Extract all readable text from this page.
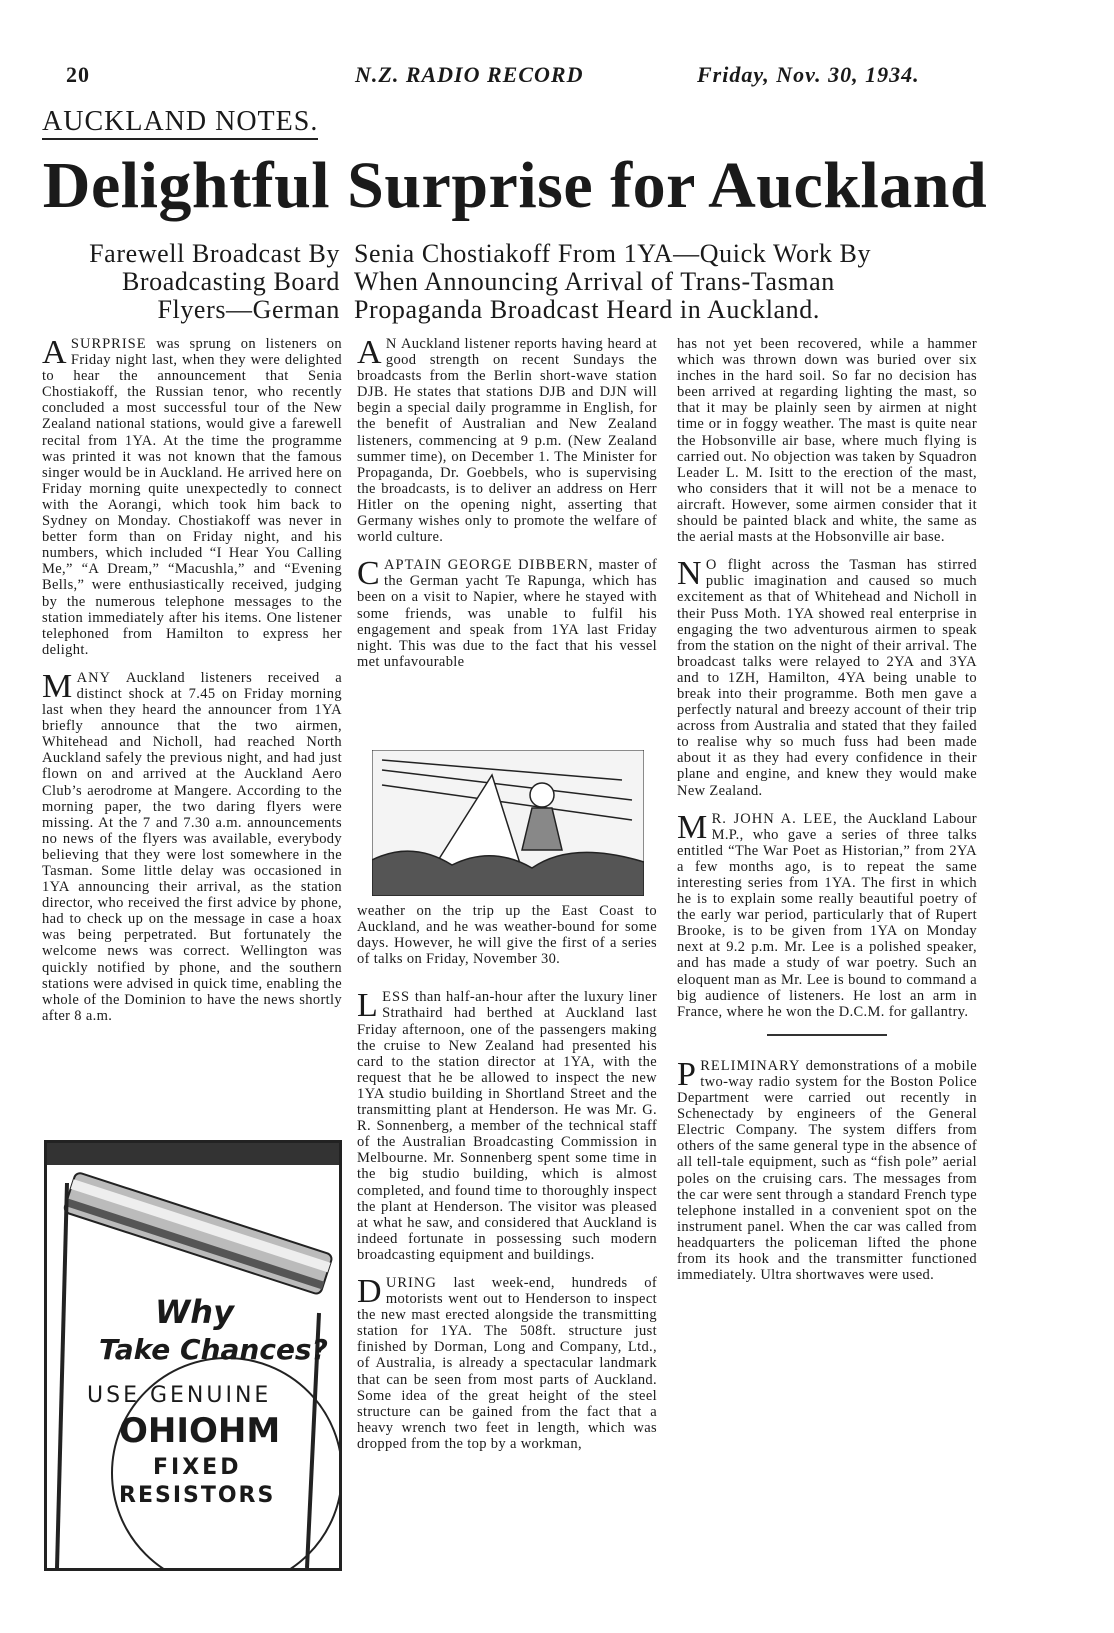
20	N.Z. RADIO RECORD	Friday, Nov. 30, 1934.
AUCKLAND NOTES.
Delightful Surprise for Auckland
Farewell Broadcast By Senia Chostiakoff From 1YA—Quick Work By
Broadcasting Board When Announcing Arrival of Trans-Tasman
Flyers—German Propaganda Broadcast Heard in Auckland.

A SURPRISE was sprung on listeners on Friday night last, when they were delighted to hear the announcement that Senia Chostiakoff, the Russian tenor, who recently concluded a most successful tour of the New Zealand national stations, would give a farewell recital from 1YA. At the time the programme was printed it was not known that the famous singer would be in Auckland. He arrived here on Friday morning quite unexpectedly to connect with the Aorangi, which took him back to Sydney on Monday. Chostiakoff was never in better form than on Friday night, and his numbers, which included “I Hear You Calling Me,” “A Dream,” “Macushla,” and “Evening Bells,” were enthusiastically received, judging by the numerous telephone messages to the station immediately after his items. One listener telephoned from Hamilton to express her delight.

MANY Auckland listeners received a distinct shock at 7.45 on Friday morning last when they heard the announcer from 1YA briefly announce that the two airmen, Whitehead and Nicholl, had reached North Auckland safely the previous night, and had just flown on and arrived at the Auckland Aero Club’s aerodrome at Mangere. According to the morning paper, the two daring flyers were missing. At the 7 and 7.30 a.m. announcements no news of the flyers was available, everybody believing that they were lost somewhere in the Tasman. Some little delay was occasioned in 1YA announcing their arrival, as the station director, who received the first advice by phone, had to check up on the message in case a hoax was being perpetrated. But fortunately the welcome news was correct. Wellington was quickly notified by phone, and the southern stations were advised in quick time, enabling the whole of the Dominion to have the news shortly after 8 a.m.

A N Auckland listener reports having heard at good strength on recent Sundays the broadcasts from the Berlin short-wave station DJB. He states that stations DJB and DJN will begin a special daily programme in English, for the benefit of Australian and New Zealand listeners, commencing at 9 p.m. (New Zealand summer time), on December 1. The Minister for Propaganda, Dr. Goebbels, who is supervising the broadcasts, is to deliver an address on Herr Hitler on the opening night, asserting that Germany wishes only to promote the welfare of world culture.

CAPTAIN GEORGE DIBBERN, master of the German yacht Te Rapunga, which has been on a visit to Napier, where he stayed with some friends, was unable to fulfil his engagement and speak from 1YA last Friday night. This was due to the fact that his vessel met unfavourable

weather on the trip up the East Coast to Auckland, and he was weather-bound for some days. However, he will give the first of a series of talks on Friday, November 30.

LESS than half-an-hour after the luxury liner Strathaird had berthed at Auckland last Friday afternoon, one of the passengers making the cruise to New Zealand had presented his card to the station director at 1YA, with the request that he be allowed to inspect the new 1YA studio building in Shortland Street and the transmitting plant at Henderson. He was Mr. G. R. Sonnenberg, a member of the technical staff of the Australian Broadcasting Commission in Melbourne. Mr. Sonnenberg spent some time in the big studio building, which is almost completed, and found time to thoroughly inspect the plant at Henderson. The visitor was pleased at what he saw, and considered that Auckland is indeed fortunate in possessing such modern broadcasting equipment and buildings.

DURING last week-end, hundreds of motorists went out to Henderson to inspect the new mast erected alongside the transmitting station for 1YA. The 508ft. structure just finished by Dorman, Long and Company, Ltd., of Australia, is already a spectacular landmark that can be seen from most parts of Auckland. Some idea of the great height of the steel structure can be gained from the fact that a heavy wrench two feet in length, which was dropped from the top by a workman,

has not yet been recovered, while a hammer which was thrown down was buried over six inches in the hard soil. So far no decision has been arrived at regarding lighting the mast, so that it may be plainly seen by airmen at night time or in foggy weather. The mast is quite near the Hobsonville air base, where much flying is carried out. No objection was taken by Squadron Leader L. M. Isitt to the erection of the mast, who considers that it will not be a menace to aircraft. However, some airmen consider that it should be painted black and white, the same as the aerial masts at the Hobsonville air base.

N O flight across the Tasman has stirred public imagination and caused so much excitement as that of Whitehead and Nicholl in their Puss Moth. 1YA showed real enterprise in engaging the two adventurous airmen to speak from the station on the night of their arrival. The broadcast talks were relayed to 2YA and 3YA and to 1ZH, Hamilton, 4YA being unable to break into their programme. Both men gave a perfectly natural and breezy account of their trip across from Australia and stated that they failed to realise why so much fuss had been made about it as they had every confidence in their plane and engine, and knew they would make New Zealand.

M R. JOHN A. LEE, the Auckland Labour M.P., who gave a series of three talks entitled “The War Poet as Historian,” from 2YA a few months ago, is to repeat the same interesting series from 1YA. The first in which he is to explain some really beautiful poetry of the early war period, particularly that of Rupert Brooke, is to be given from 1YA on Monday next at 9.2 p.m. Mr. Lee is a polished speaker, and has made a study of war poetry. Such an eloquent man as Mr. Lee is bound to command a big audience of listeners. He lost an arm in France, where he won the D.C.M. for gallantry.

PRELIMINARY demonstrations of a mobile two-way radio system for the Boston Police Department were carried out recently in Schenectady by engineers of the General Electric Company. The system differs from others of the same general type in the absence of all tell-tale equipment, such as “fish pole” aerial poles on the cruising cars. The messages from the car were sent through a standard French type telephone installed in a convenient spot on the instrument panel. When the car was called from headquarters the policeman lifted the phone from its hook and the transmitter functioned immediately. Ultra shortwaves were used.

Why
Take Chances?
USE GENUINE
OHIOHM
FIXED
RESISTORS
